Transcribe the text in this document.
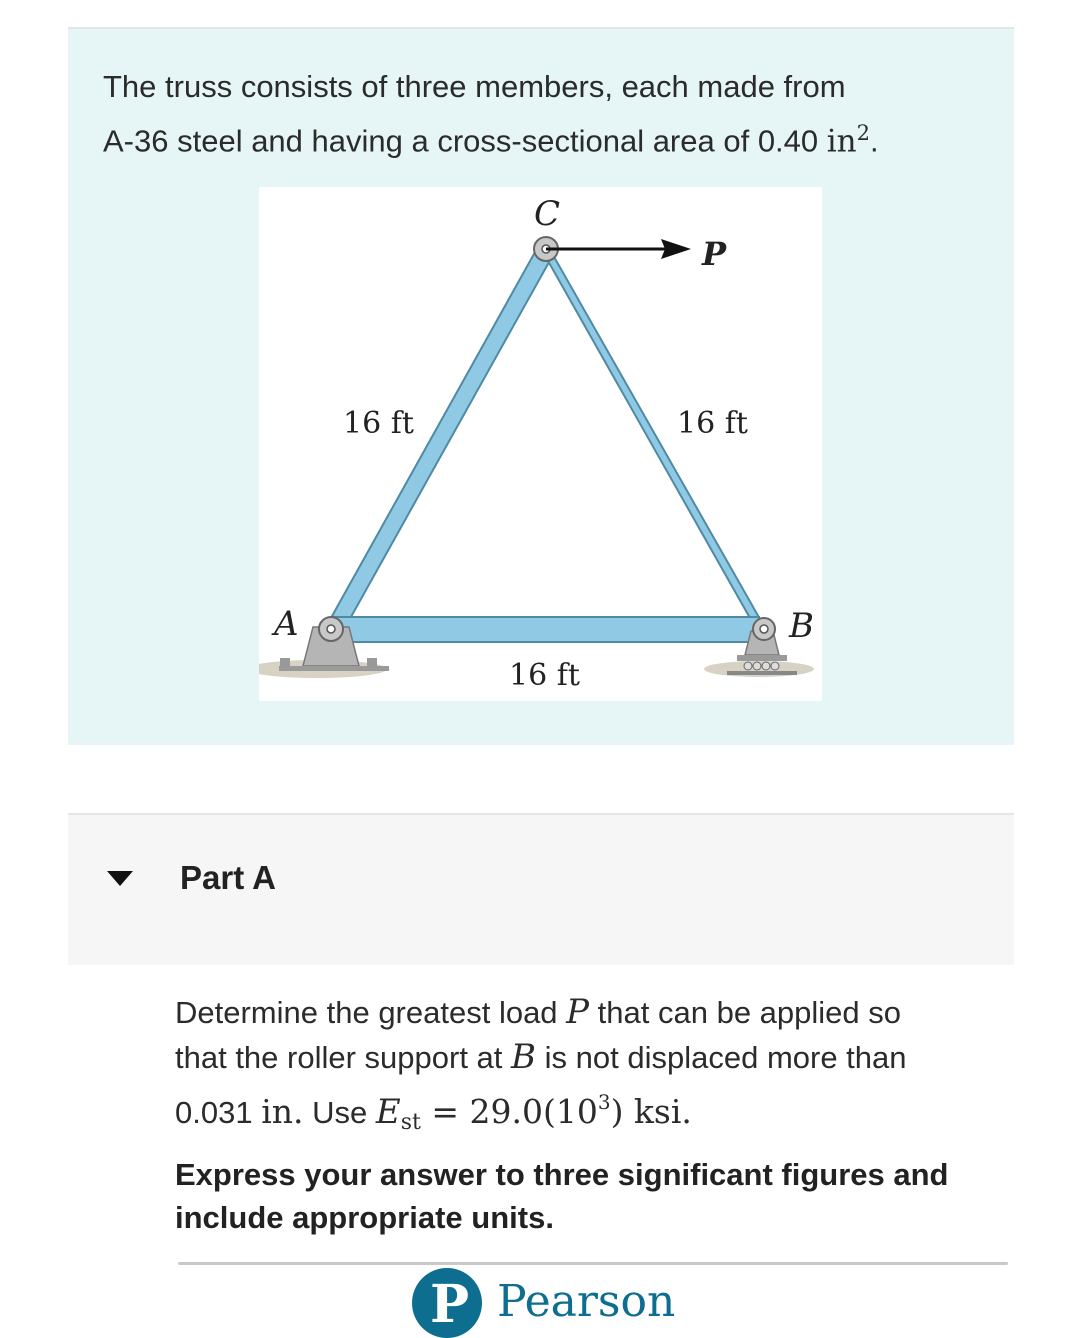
The truss consists of three members, each made from
A-36 steel and having a cross-sectional area of 0.40 $in^2$.

C
P
A	B
16 ft	16 ft
16 ft
Part A
Determine the greatest load P that can be applied so
that the roller support at B is not displaced more than
0.031 in. Use $E_{st} = 29.0(10^3)$ ksi.

Express your answer to three significant figures and include appropriate units.

P Pearson
